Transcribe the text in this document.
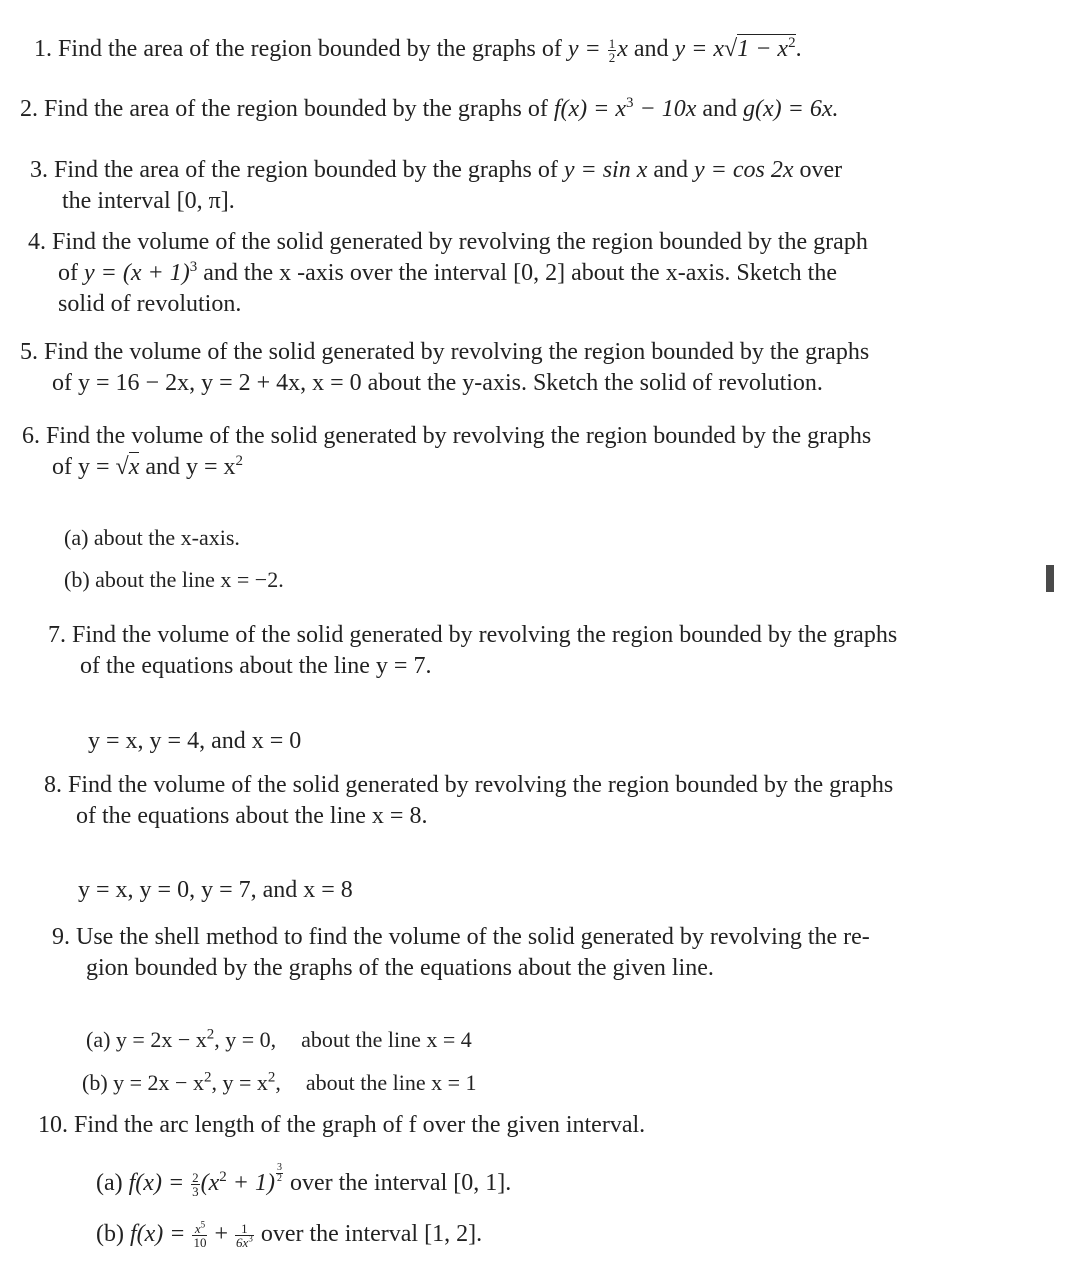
1. Find the area of the region bounded by the graphs of $y = \frac{1}{2}$ x and $y = x√1 - x^2$.
2. Find the area of the region bounded by the graphs of $f(x) = x^3 - 10x$ and g(x) = 6x.
3. Find the area of the region bounded by the graphs of y = sin x and y = cos 2x over
the interval [0, π].
4. Find the volume of the solid generated by revolving the region bounded by the graph
of $y = (x + 1)^3$ and the x -axis over the interval [0, 2] about the x-axis. Sketch the
solid of revolution.
5. Find the volume of the solid generated by revolving the region bounded by the graphs
of y = 16 − 2x, y = 2 + 4x, x = 0 about the y-axis. Sketch the solid of revolution.
6. Find the volume of the solid generated by revolving the region bounded by the graphs
of y = √x and $y = x^2$
(a) about the x-axis.
(b) about the line x = −2.
7. Find the volume of the solid generated by revolving the region bounded by the graphs
of the equations about the line y = 7.
y = x, y = 4, and x = 0
8. Find the volume of the solid generated by revolving the region bounded by the graphs
of the equations about the line x = 8.
y = x, y = 0, y = 7, and x = 8
9. Use the shell method to find the volume of the solid generated by revolving the re-
gion bounded by the graphs of the equations about the given line.
(a) $y = 2x - x^2$, y = 0, about the line x = 4
(b) $y = 2x - x^2$, $y = x^2$, about the line x = 1
10. Find the arc length of the graph of f over the given interval.
(a) $f(x) = \frac{2}{3} (x^2 + 1) \frac{3}{2}$ over the interval [0, 1].
(b) $f(x) = \frac{x^5}{10} + \frac{1}{6x^3}$ over the interval [1, 2].
